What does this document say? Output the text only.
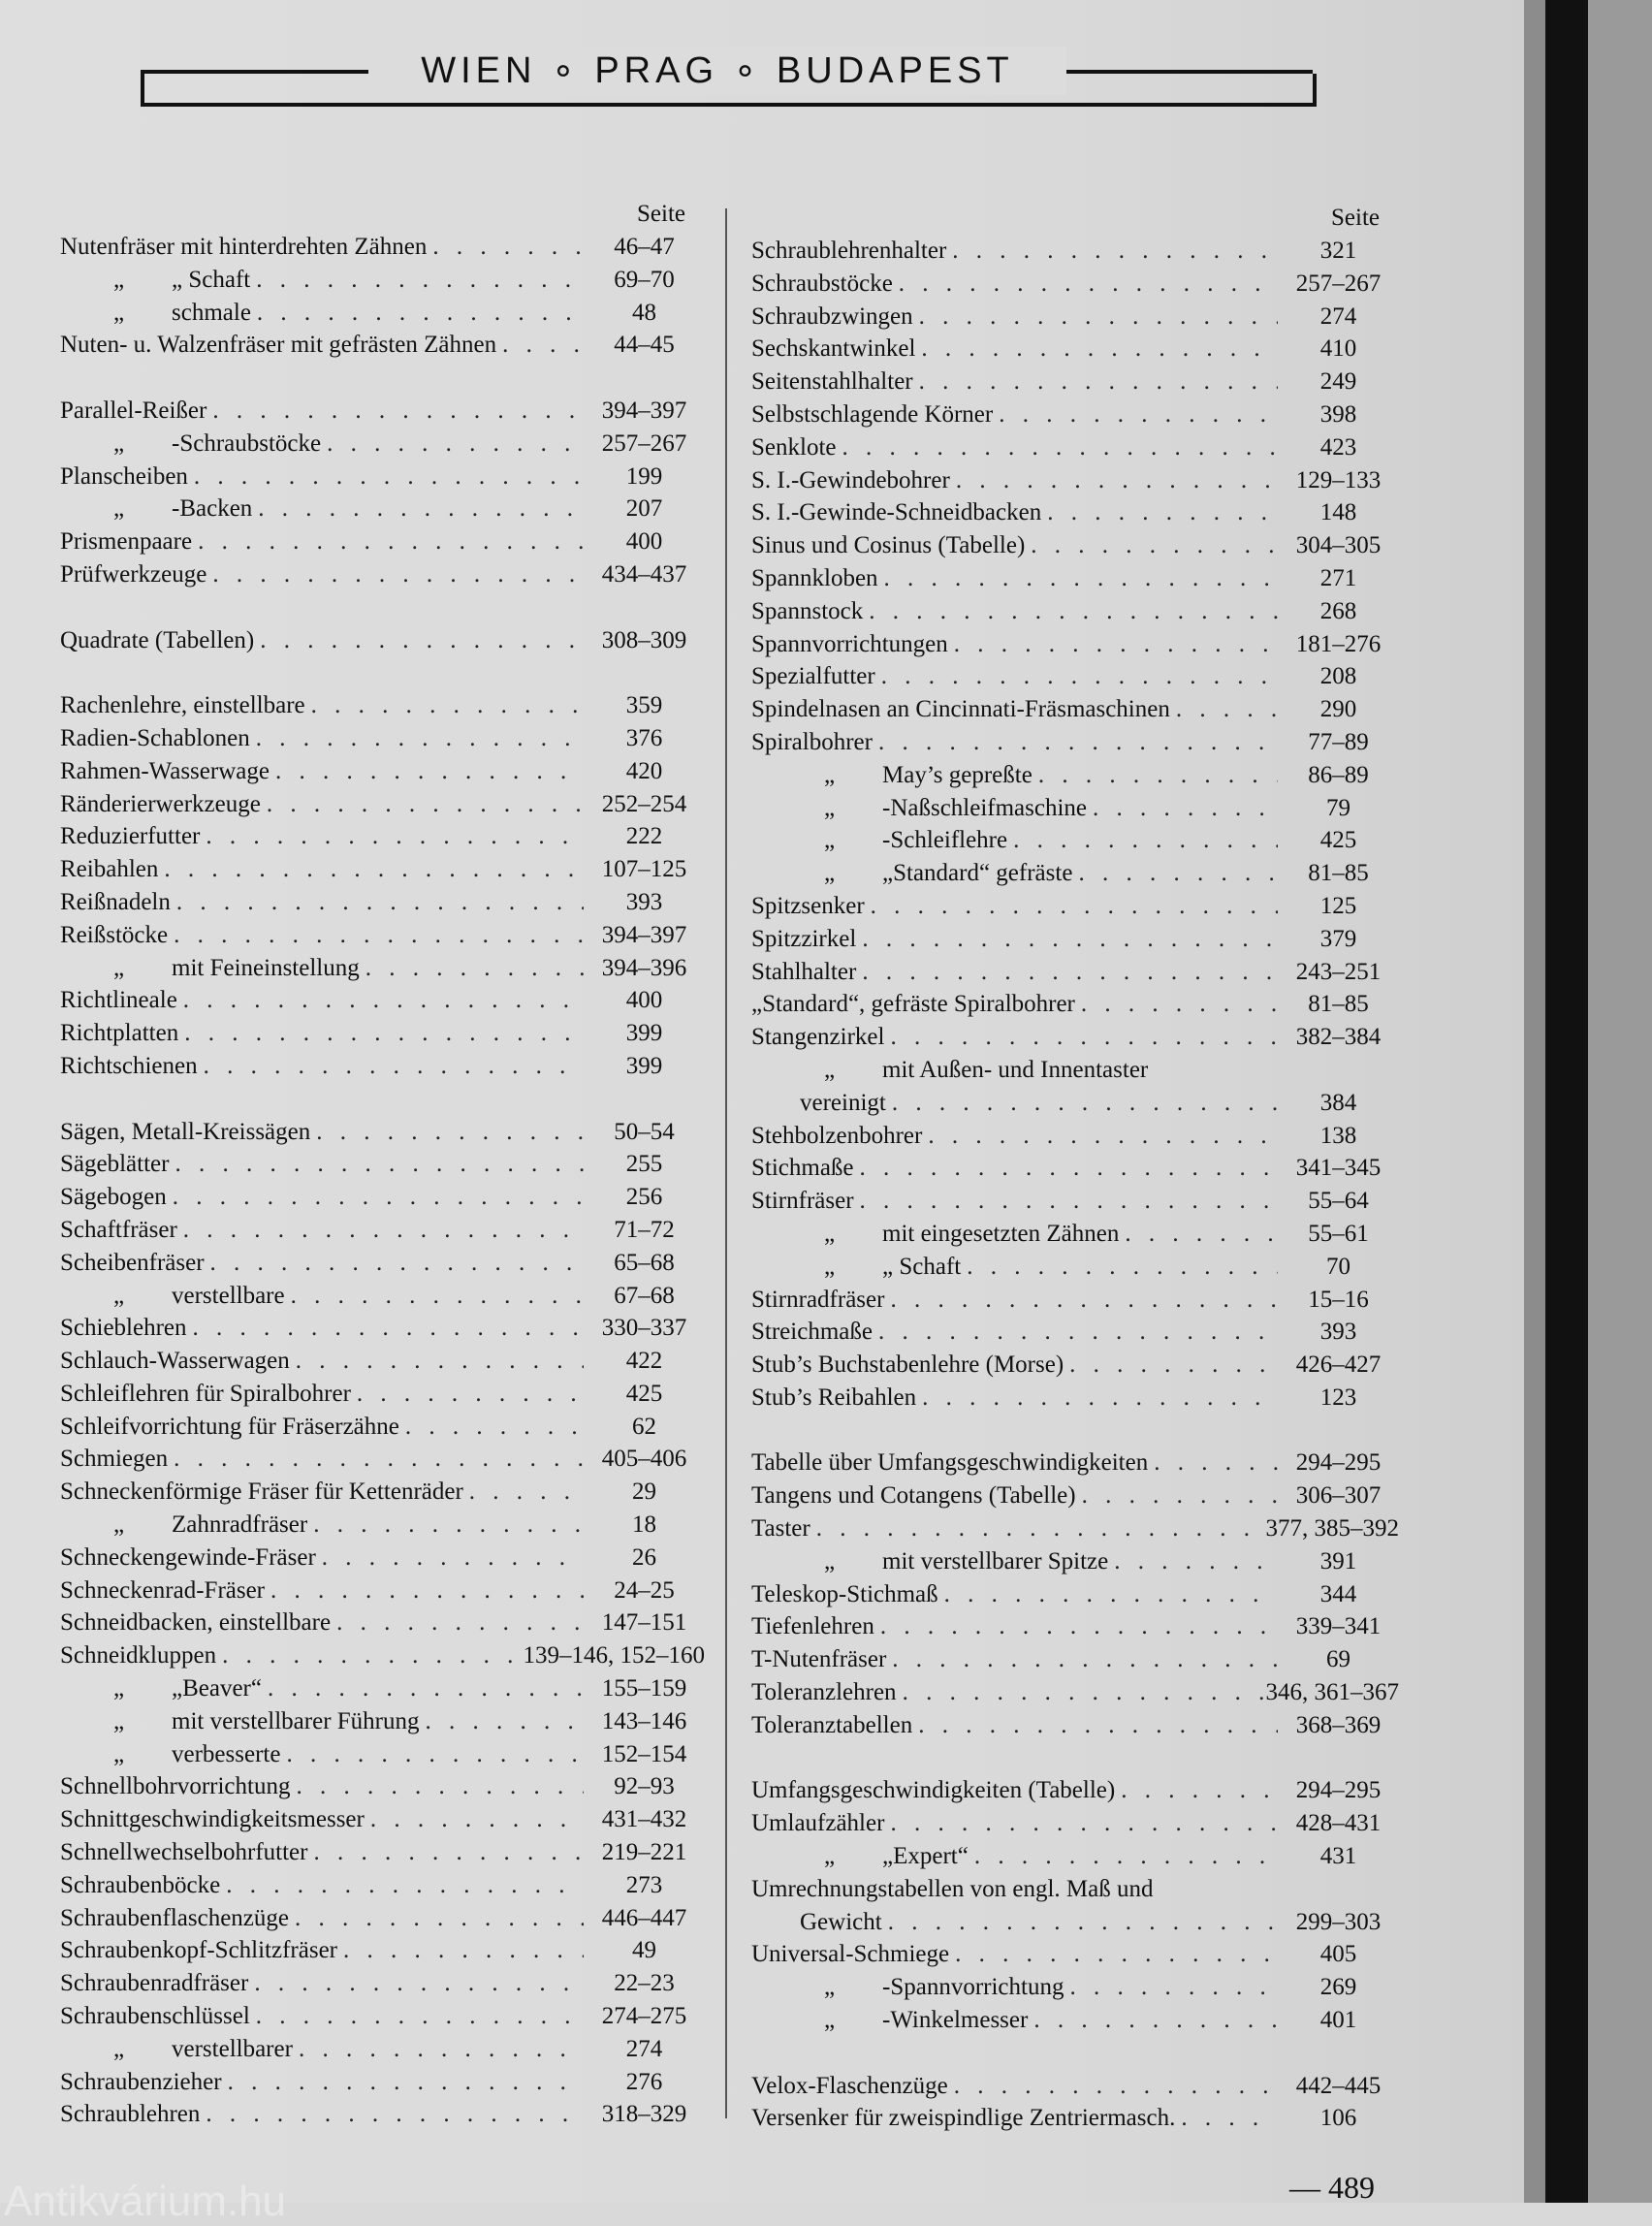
WIEN ∘ PRAG ∘ BUDAPEST
Seite
Nutenfräser mit hinterdrehten Zähnen . . .	46–47
„ „ Schaft . . .	69–70
„ schmale . . .	48
Nuten- u. Walzenfräser mit gefrästen Zähnen . . .	44–45
Parallel-Reißer . . .	394–397
„ -Schraubstöcke . . .	257–267
Planscheiben . . .	199
„ -Backen . . .	207
Prismenpaare . . .	400
Prüfwerkzeuge . . .	434–437
Quadrate (Tabellen) . . .	308–309
Rachenlehre, einstellbare . . .	359
Radien-Schablonen . . .	376
Rahmen-Wasserwage . . .	420
Ränderierwerkzeuge . . .	252–254
Reduzierfutter . . .	222
Reibahlen . . .	107–125
Reißnadeln . . .	393
Reißstöcke . . .	394–397
„ mit Feineinstellung . . .	394–396
Richtlineale . . .	400
Richtplatten . . .	399
Richtschienen . . .	399
Sägen, Metall-Kreissägen . . .	50–54
Sägeblätter . . .	255
Sägebogen . . .	256
Schaftfräser . . .	71–72
Scheibenfräser . . .	65–68
„ verstellbare . . .	67–68
Schieblehren . . .	330–337
Schlauch-Wasserwagen . . .	422
Schleiflehren für Spiralbohrer . . .	425
Schleifvorrichtung für Fräserzähne . . .	62
Schmiegen . . .	405–406
Schneckenförmige Fräser für Kettenräder . . .	29
„ Zahnradfräser . . .	18
Schneckengewinde-Fräser . . .	26
Schneckenrad-Fräser . . .	24–25
Schneidbacken, einstellbare . . .	147–151
Schneidkluppen . . .	139–146, 152–160
„ „Beaver“ . . .	155–159
„ mit verstellbarer Führung . . .	143–146
„ verbesserte . . .	152–154
Schnellbohrvorrichtung . . .	92–93
Schnittgeschwindigkeitsmesser . . .	431–432
Schnellwechselbohrfutter . . .	219–221
Schraubenböcke . . .	273
Schraubenflaschenzüge . . .	446–447
Schraubenkopf-Schlitzfräser . . .	49
Schraubenradfräser . . .	22–23
Schraubenschlüssel . . .	274–275
„ verstellbarer . . .	274
Schraubenzieher . . .	276
Schraublehren . . .	318–329
Seite
Schraublehrenhalter . . .	321
Schraubstöcke . . .	257–267
Schraubzwingen . . .	274
Sechskantwinkel . . .	410
Seitenstahlhalter . . .	249
Selbstschlagende Körner . . .	398
Senklote . . .	423
S. I.-Gewindebohrer . . .	129–133
S. I.-Gewinde-Schneidbacken . . .	148
Sinus und Cosinus (Tabelle) . . .	304–305
Spannkloben . . .	271
Spannstock . . .	268
Spannvorrichtungen . . .	181–276
Spezialfutter . . .	208
Spindelnasen an Cincinnati-Fräsmaschinen . . .	290
Spiralbohrer . . .	77–89
„ May’s gepreßte . . .	86–89
„ -Naßschleifmaschine . . .	79
„ -Schleiflehre . . .	425
„ „Standard“ gefräste . . .	81–85
Spitzsenker . . .	125
Spitzzirkel . . .	379
Stahlhalter . . .	243–251
„Standard“, gefräste Spiralbohrer . . .	81–85
Stangenzirkel . . .	382–384
„ mit Außen- und Innentaster
vereinigt . . .	384
Stehbolzenbohrer . . .	138
Stichmaße . . .	341–345
Stirnfräser . . .	55–64
„ mit eingesetzten Zähnen . . .	55–61
„ „ Schaft . . .	70
Stirnradfräser . . .	15–16
Streichmaße . . .	393
Stub’s Buchstabenlehre (Morse) . . .	426–427
Stub’s Reibahlen . . .	123
Tabelle über Umfangsgeschwindigkeiten . . .	294–295
Tangens und Cotangens (Tabelle) . . .	306–307
Taster . . .	377, 385–392
„ mit verstellbarer Spitze . . .	391
Teleskop-Stichmaß . . .	344
Tiefenlehren . . .	339–341
T-Nutenfräser . . .	69
Toleranzlehren . . .	346, 361–367
Toleranztabellen . . .	368–369
Umfangsgeschwindigkeiten (Tabelle) . . .	294–295
Umlaufzähler . . .	428–431
„ „Expert“ . . .	431
Umrechnungstabellen von engl. Maß und
Gewicht . . .	299–303
Universal-Schmiege . . .	405
„ -Spannvorrichtung . . .	269
„ -Winkelmesser . . .	401
Velox-Flaschenzüge . . .	442–445
Versenker für zweispindlige Zentriermasch. . . .	106
— 489
Antikvárium.hu
